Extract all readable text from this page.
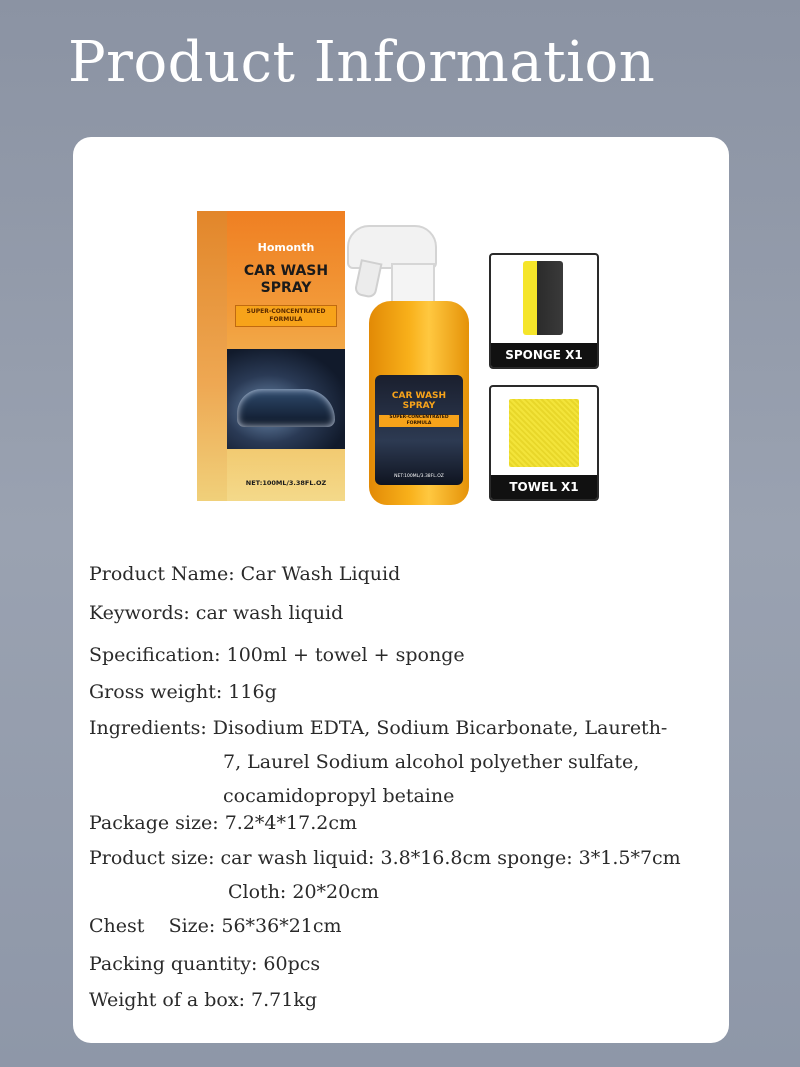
Product Information
Homonth
CAR WASH
SPRAY
SUPER-CONCENTRATED FORMULA
NET:100ML/3.38FL.OZ
CAR WASH
SPRAY
SUPER-CONCENTRATED FORMULA
NET:100ML/3.38FL.OZ
SPONGE X1
TOWEL X1
Product Name: Car Wash Liquid
Keywords: car wash liquid
Specification: 100ml + towel + sponge
Gross weight: 116g
Ingredients: Disodium EDTA, Sodium Bicarbonate, Laureth-
7, Laurel Sodium alcohol polyether sulfate,
cocamidopropyl betaine
Package size: 7.2*4*17.2cm
Product size: car wash liquid: 3.8*16.8cm sponge: 3*1.5*7cm
Cloth: 20*20cm
Chest    Size: 56*36*21cm
Packing quantity: 60pcs
Weight of a box: 7.71kg
